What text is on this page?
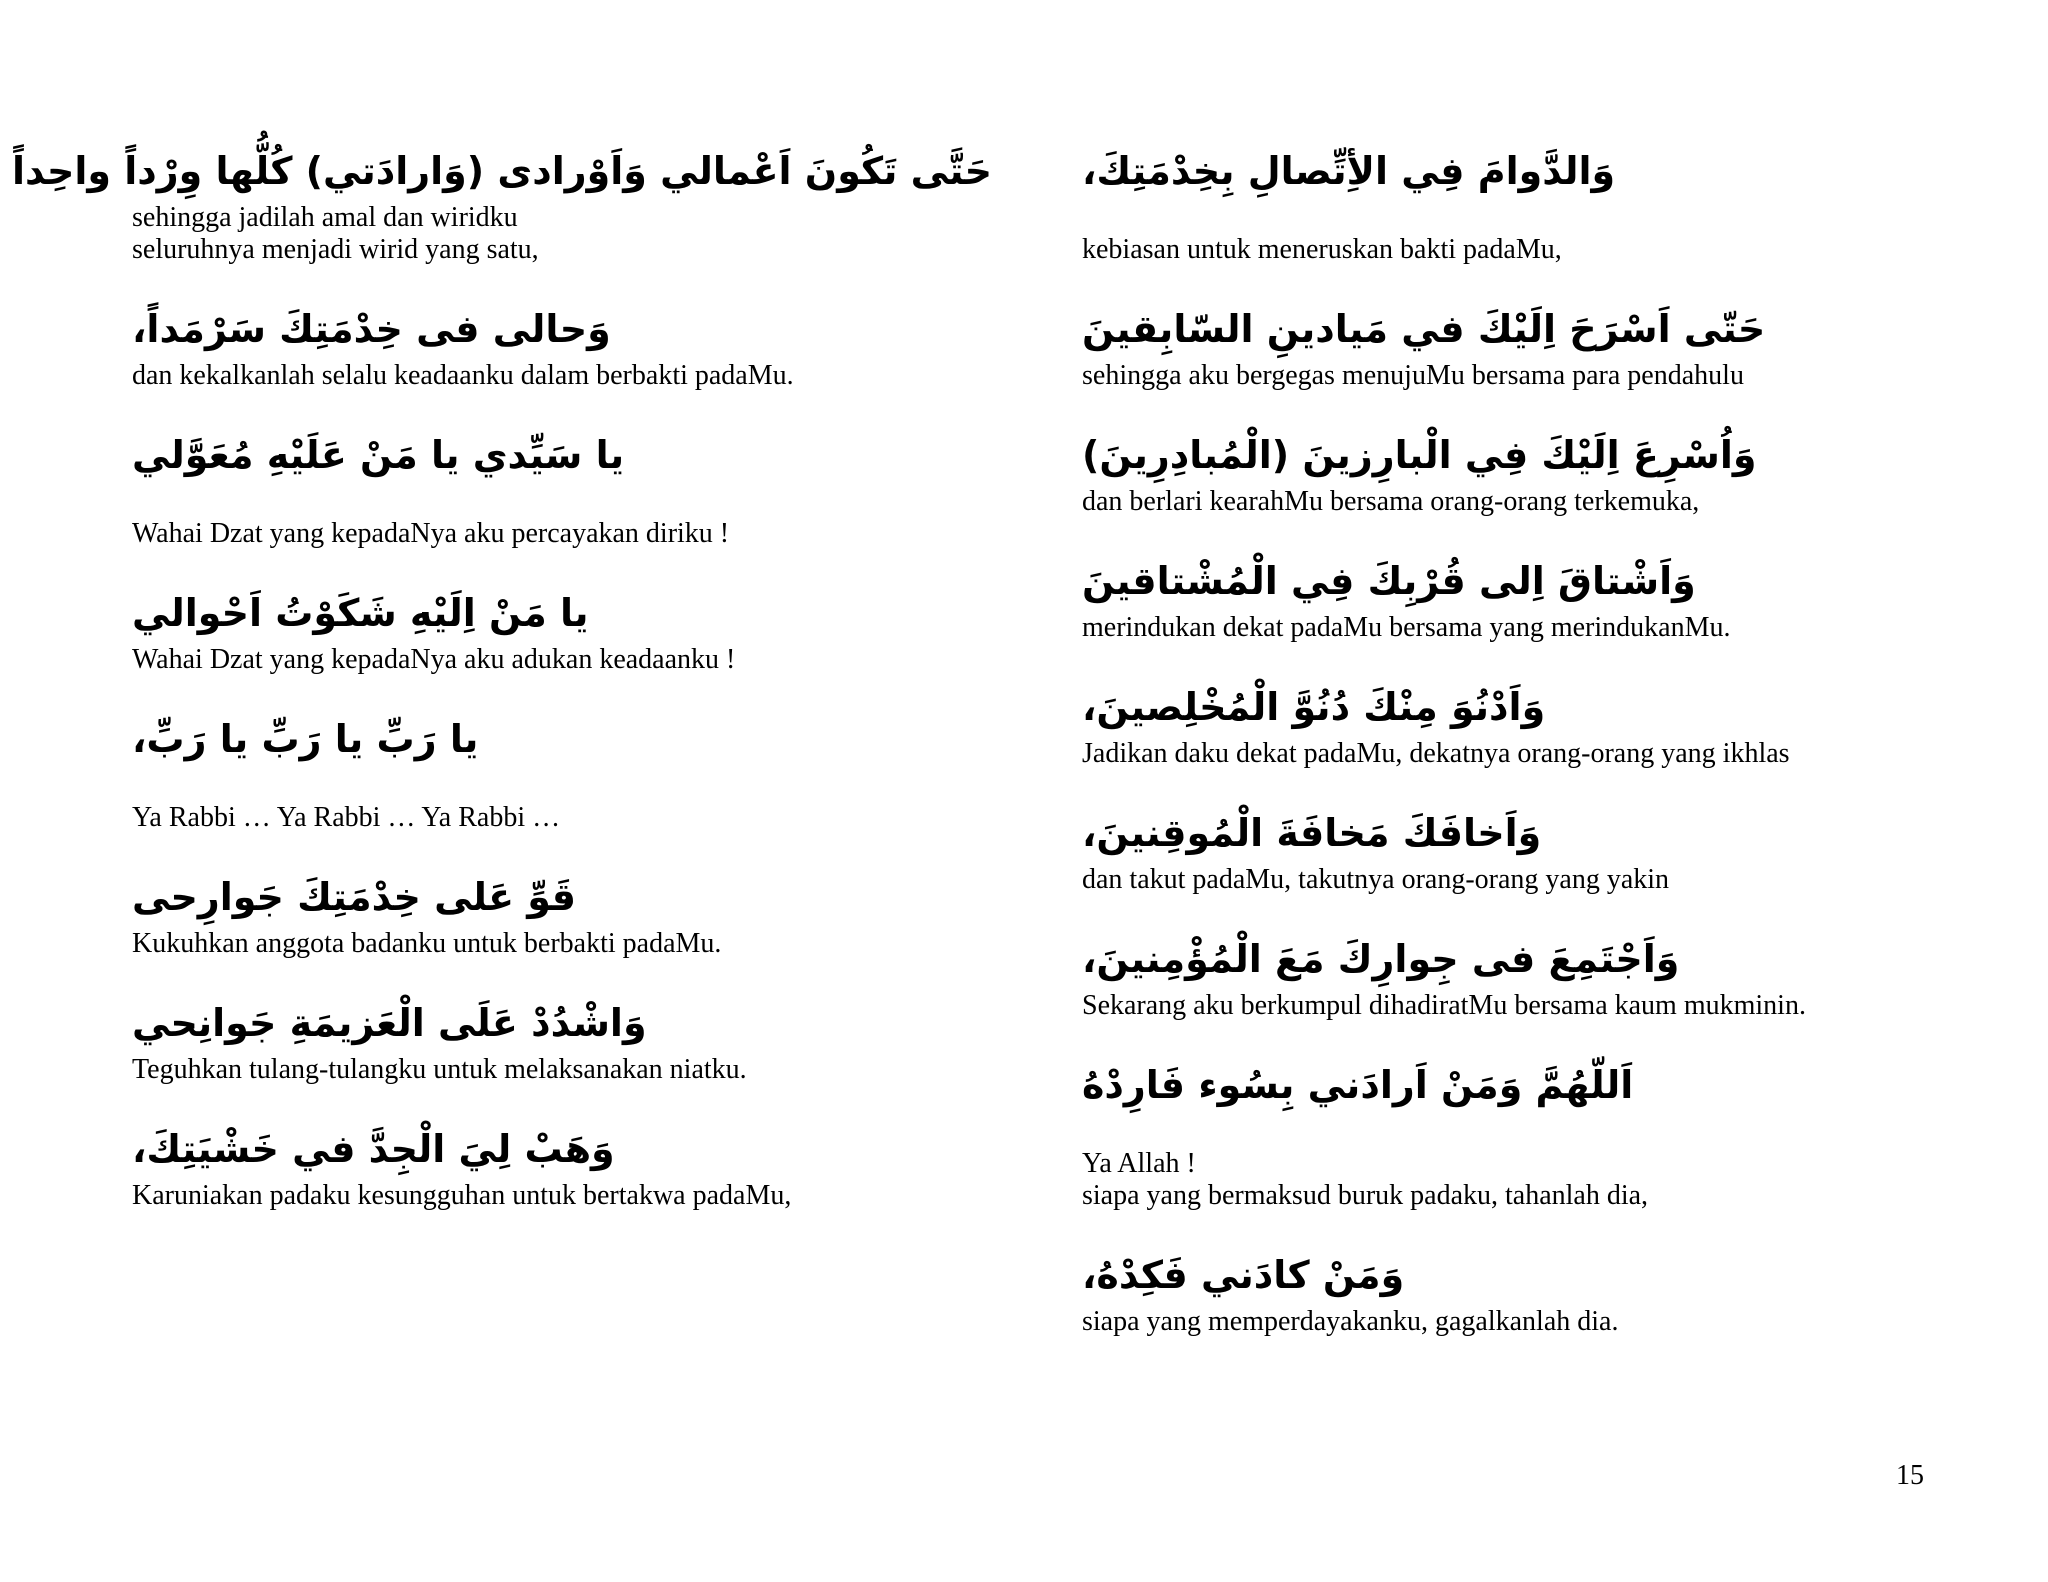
حَتَّى تَكُونَ اَعْمالي وَاَوْرادى (وَارادَتي) كُلُّها وِرْداً واحِداً
sehingga jadilah amal dan wiridku
seluruhnya menjadi wirid yang satu,
وَحالى فى خِدْمَتِكَ سَرْمَداً،
dan kekalkanlah selalu keadaanku dalam berbakti padaMu.
يا سَيِّدي يا مَنْ عَلَيْهِ مُعَوَّلي
Wahai Dzat yang kepadaNya aku percayakan diriku !
يا مَنْ اِلَيْهِ شَكَوْتُ اَحْوالي
Wahai Dzat yang kepadaNya aku adukan keadaanku !
يا رَبِّ يا رَبِّ يا رَبِّ،
Ya Rabbi … Ya Rabbi … Ya Rabbi …
قَوِّ عَلى خِدْمَتِكَ جَوارِحى
Kukuhkan anggota badanku untuk berbakti padaMu.
وَاشْدُدْ عَلَى الْعَزيمَةِ جَوانِحي
Teguhkan tulang-tulangku untuk melaksanakan niatku.
وَهَبْ لِيَ الْجِدَّ في خَشْيَتِكَ،
Karuniakan padaku kesungguhan untuk bertakwa padaMu,
وَالدَّوامَ فِي الأِتِّصالِ بِخِدْمَتِكَ،
kebiasan untuk meneruskan bakti padaMu,
حَتّى اَسْرَحَ اِلَيْكَ في مَيادينِ السّابِقينَ
sehingga aku bergegas menujuMu bersama para pendahulu
وَاُسْرِعَ اِلَيْكَ فِي الْبارِزينَ (الْمُبادِرِينَ)
dan berlari kearahMu bersama orang-orang terkemuka,
وَاَشْتاقَ اِلى قُرْبِكَ فِي الْمُشْتاقينَ
merindukan dekat padaMu bersama yang merindukanMu.
وَاَدْنُوَ مِنْكَ دُنُوَّ الْمُخْلِصينَ،
Jadikan daku dekat padaMu, dekatnya orang-orang yang ikhlas
وَاَخافَكَ مَخافَةَ الْمُوقِنينَ،
dan takut padaMu, takutnya orang-orang yang yakin
وَاَجْتَمِعَ فى جِوارِكَ مَعَ الْمُؤْمِنينَ،
Sekarang aku berkumpul dihadiratMu bersama kaum mukminin.
اَللّهُمَّ وَمَنْ اَرادَني بِسُوء فَارِدْهُ
Ya Allah !
siapa yang bermaksud buruk padaku, tahanlah dia,
وَمَنْ كادَني فَكِدْهُ،
siapa yang memperdayakanku, gagalkanlah dia.
15
